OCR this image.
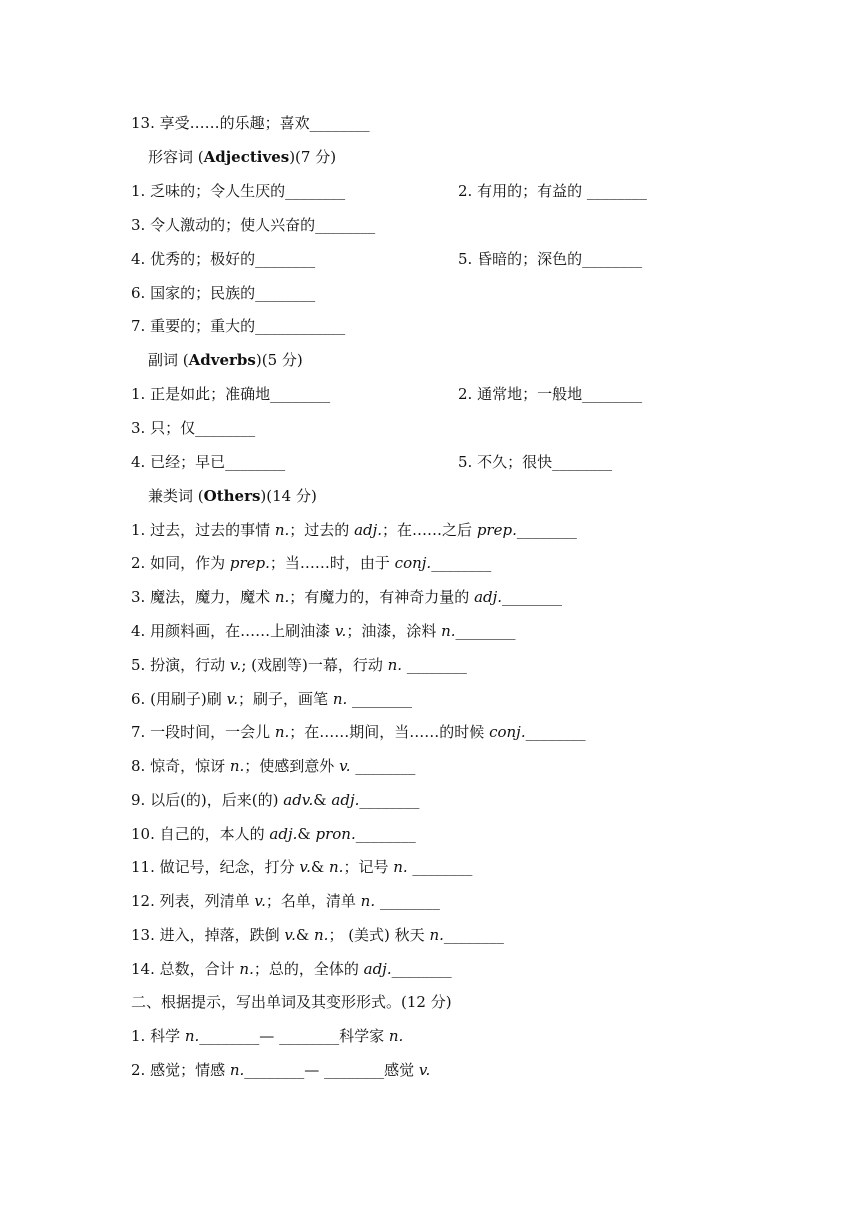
13. 享受……的乐趣；喜欢________
形容词 (Adjectives)(7 分)
1. 乏味的；令人生厌的________	2. 有用的；有益的 ________
3. 令人激动的；使人兴奋的________
4. 优秀的；极好的________	5. 昏暗的；深色的________
6. 国家的；民族的________
7. 重要的；重大的____________
副词 (Adverbs)(5 分)
1. 正是如此；准确地________	2. 通常地；一般地________
3. 只；仅________
4. 已经；早已________	5. 不久；很快________
兼类词 (Others)(14 分)
1. 过去，过去的事情 n.；过去的 adj.；在……之后 prep.________
2. 如同，作为 prep.；当……时，由于 conj.________
3. 魔法，魔力，魔术 n.；有魔力的，有神奇力量的 adj.________
4. 用颜料画，在……上刷油漆 v.；油漆，涂料 n.________
5. 扮演，行动 v.; (戏剧等)一幕，行动 n. ________
6. (用刷子)刷 v.；刷子，画笔 n. ________
7. 一段时间，一会儿 n.；在……期间，当……的时候 conj.________
8. 惊奇，惊讶 n.；使感到意外 v. ________
9. 以后(的)，后来(的) adv.& adj.________
10. 自己的，本人的 adj.& pron.________
11. 做记号，纪念，打分 v.& n.；记号 n. ________
12. 列表，列清单 v.；名单，清单 n. ________
13. 进入，掉落，跌倒 v.& n.； (美式) 秋天 n.________
14. 总数，合计 n.；总的，全体的 adj.________
二、根据提示，写出单词及其变形形式。(12 分)
1. 科学 n.________— ________科学家 n.
2. 感觉；情感 n.________— ________感觉 v.
